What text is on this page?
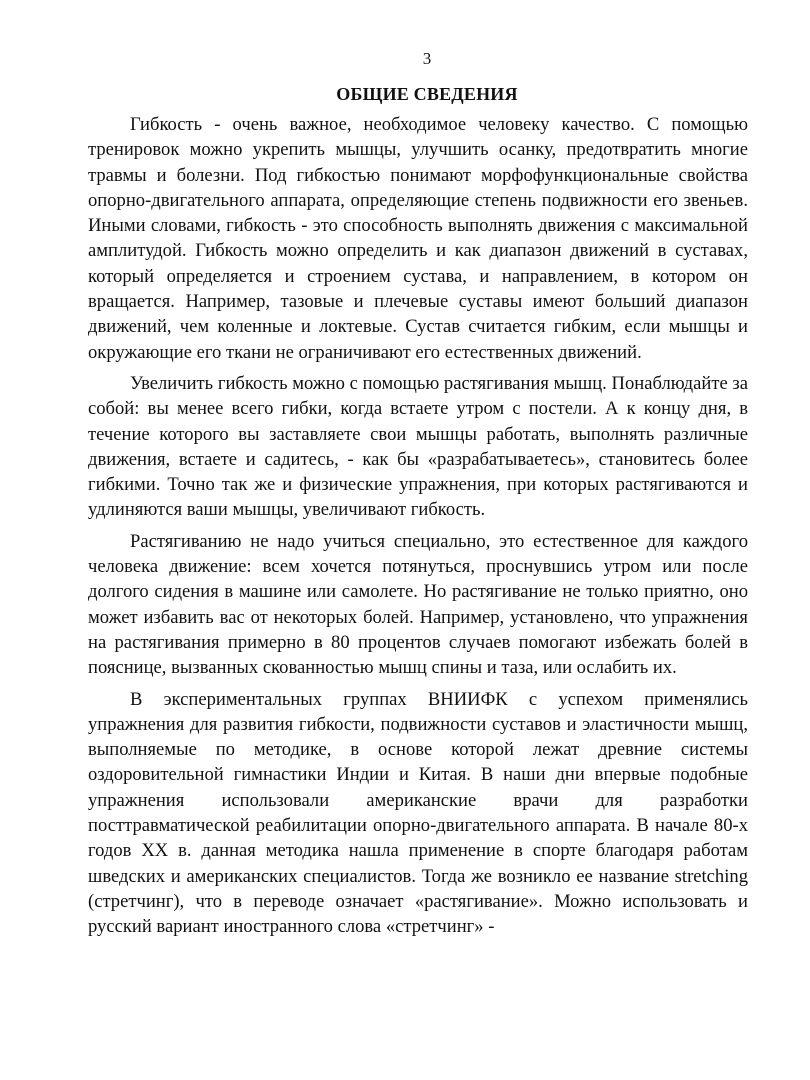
3
ОБЩИЕ СВЕДЕНИЯ

Гибкость - очень важное, необходимое человеку качество. С помощью тренировок можно укрепить мышцы, улучшить осанку, предотвратить многие травмы и болезни. Под гибкостью понимают морфофункциональные свойства опорно-двигательного аппарата, определяющие степень подвижности его звеньев. Иными словами, гибкость - это способность выполнять движения с максимальной амплитудой. Гибкость можно определить и как диапазон движений в суставах, который определяется и строением сустава, и направлением, в котором он вращается. Например, тазовые и плечевые суставы имеют больший диапазон движений, чем коленные и локтевые. Сустав считается гибким, если мышцы и окружающие его ткани не ограничивают его естественных движений.

Увеличить гибкость можно с помощью растягивания мышц. Понаблюдайте за собой: вы менее всего гибки, когда встаете утром с постели. А к концу дня, в течение которого вы заставляете свои мышцы работать, выполнять различные движения, встаете и садитесь, - как бы «разрабатываетесь», становитесь более гибкими. Точно так же и физические упражнения, при которых растягиваются и удлиняются ваши мышцы, увеличивают гибкость.

Растягиванию не надо учиться специально, это естественное для каждого человека движение: всем хочется потянуться, проснувшись утром или после долгого сидения в машине или самолете. Но растягивание не только приятно, оно может избавить вас от некоторых болей. Например, установлено, что упражнения на растягивания примерно в 80 процентов случаев помогают избежать болей в пояснице, вызванных скованностью мышц спины и таза, или ослабить их.

В экспериментальных группах ВНИИФК с успехом применялись упражнения для развития гибкости, подвижности суставов и эластичности мышц, выполняемые по методике, в основе которой лежат древние системы оздоровительной гимнастики Индии и Китая. В наши дни впервые подобные упражнения использовали американские врачи для разработки посттравматической реабилитации опорно-двигательного аппарата. В начале 80-х годов XX в. данная методика нашла применение в спорте благодаря работам шведских и американских специалистов. Тогда же возникло ее название stretching (стретчинг), что в переводе означает «растягивание». Можно использовать и русский вариант иностранного слова «стретчинг» -
